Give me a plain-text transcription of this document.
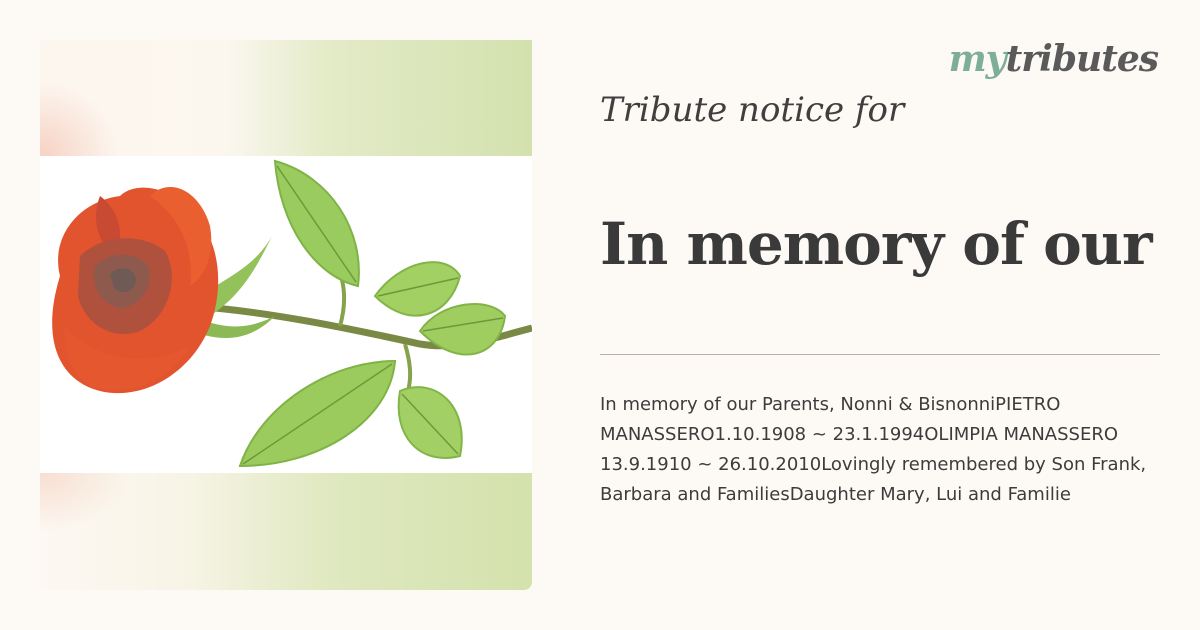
mytributes
Tribute notice for
In memory of our

In memory of our Parents, Nonni & BisnonniPIETRO MANASSERO1.10.1908 ~ 23.1.1994OLIMPIA MANASSERO 13.9.1910 ~ 26.10.2010Lovingly remembered by Son Frank, Barbara and FamiliesDaughter Mary, Lui and Familie
